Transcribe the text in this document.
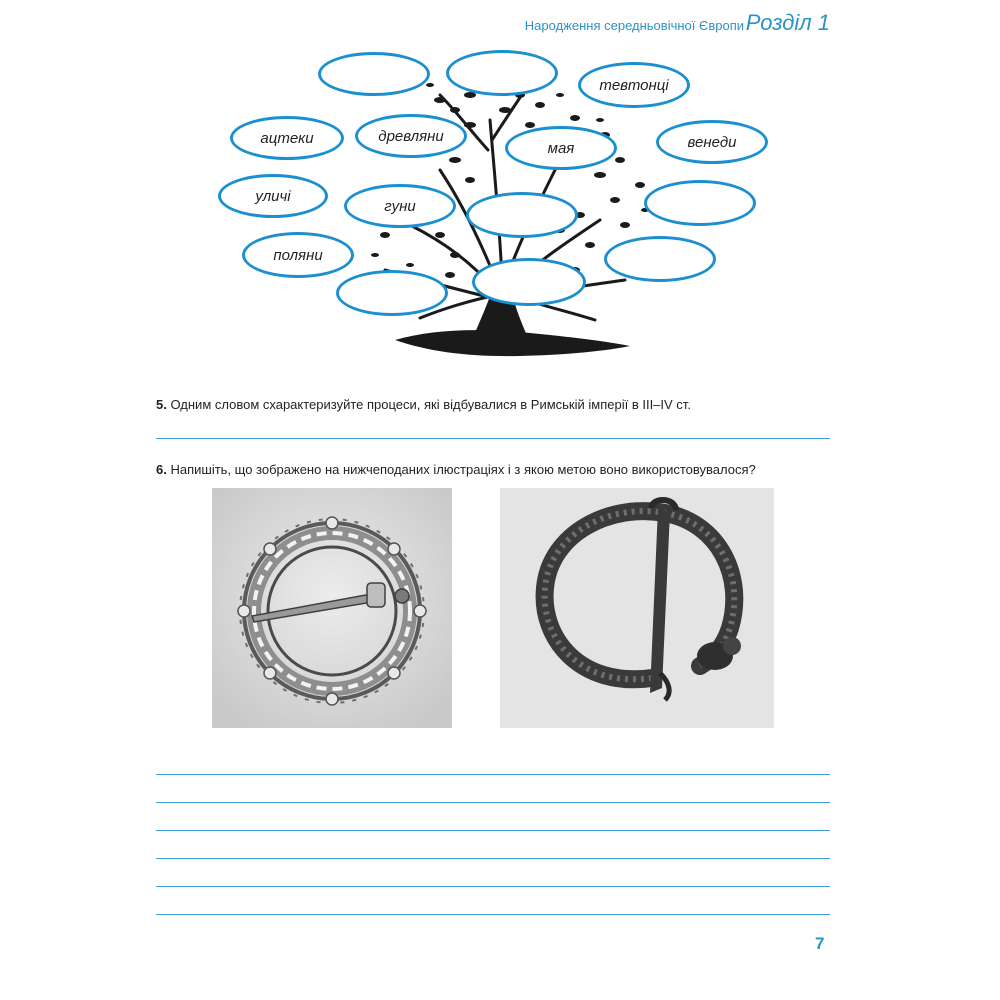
Народження середньовічної Європи Розділ 1
тевтонці
ацтеки	древляни
мая	венеди
уличі
гуни
поляни
5. Одним словом схарактеризуйте процеси, які відбувалися в Римській імперії в III–IV ст.
6. Напишіть, що зображено на нижчеподаних ілюстраціях і з якою метою воно використовувалося?
7
